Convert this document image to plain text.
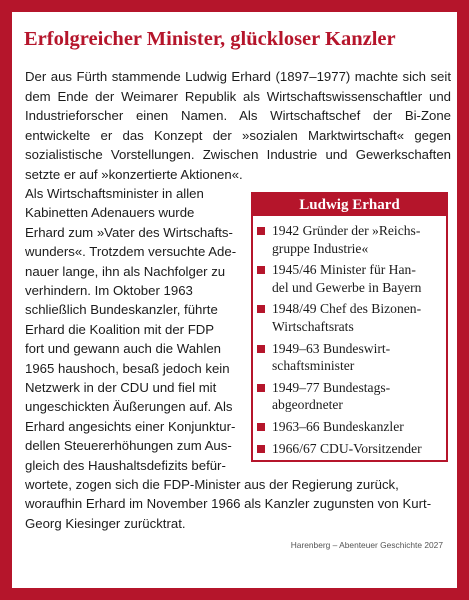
Erfolgreicher Minister, glückloser Kanzler

Der aus Fürth stammende Ludwig Erhard (1897–1977) machte sich seit dem Ende der Weimarer Republik als Wirtschaftswissenschaftler und Industrieforscher einen Namen. Als Wirtschaftschef der Bi-Zone entwickelte er das Konzept der »sozialen Marktwirtschaft« gegen sozialistische Vorstellungen. Zwischen Industrie und Gewerkschaften setzte er auf »konzertierte Aktionen«.

Als Wirtschaftsminister in allen
Kabinetten Adenauers wurde
Erhard zum »Vater des Wirtschafts-
wunders«. Trotzdem versuchte Ade-
nauer lange, ihn als Nachfolger zu
verhindern. Im Oktober 1963
schließlich Bundeskanzler, führte
Erhard die Koalition mit der FDP
fort und gewann auch die Wahlen
1965 haushoch, besaß jedoch kein
Netzwerk in der CDU und fiel mit
ungeschickten Äußerungen auf. Als
Erhard angesichts einer Konjunktur-
dellen Steuererhöhungen zum Aus-
gleich des Haushaltsdefizits befür-
Ludwig Erhard
1942 Gründer der »Reichs-
gruppe Industrie«
1945/46 Minister für Han-
del und Gewerbe in Bayern
1948/49 Chef des Bizonen-
Wirtschaftsrats
1949–63 Bundeswirt-
schaftsminister
1949–77 Bundestags-
abgeordneter
1963–66 Bundeskanzler
1966/67 CDU-Vorsitzender
wortete, zogen sich die FDP-Minister aus der Regierung zurück,
woraufhin Erhard im November 1966 als Kanzler zugunsten von Kurt-
Georg Kiesinger zurücktrat.
Harenberg – Abenteuer Geschichte 2027
